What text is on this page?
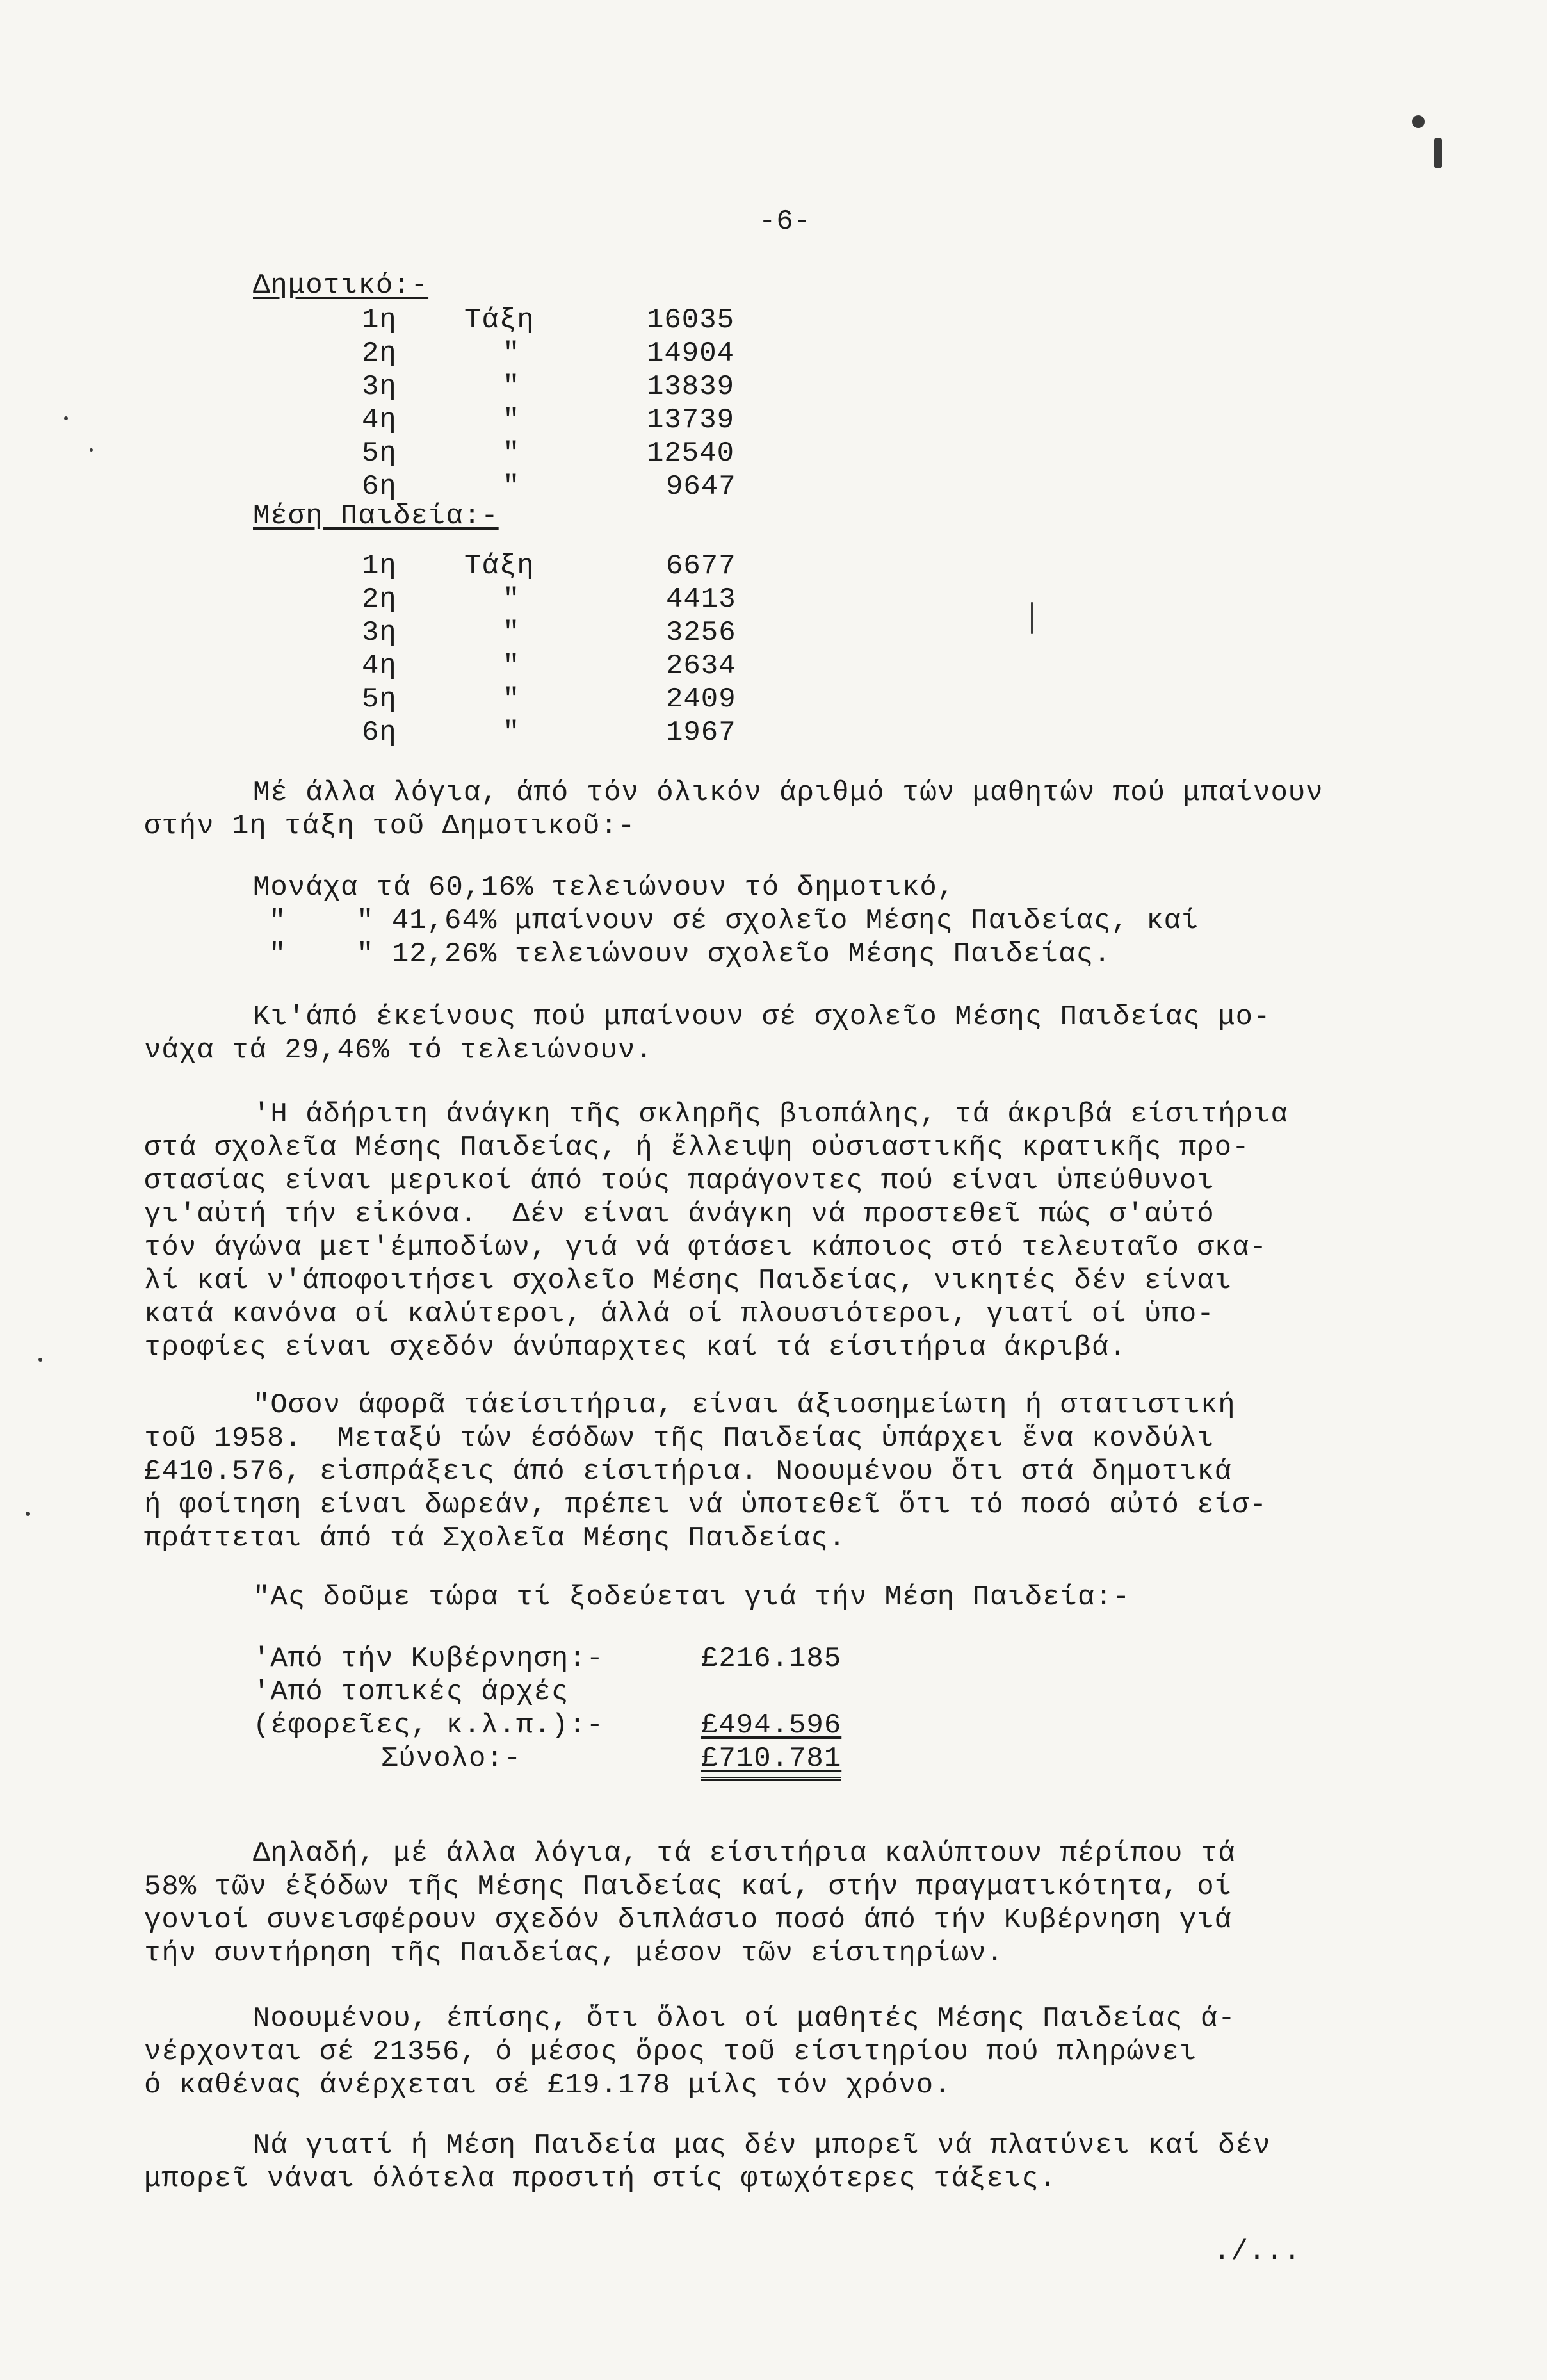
-6-
Δημοτικό:-
1η Τάξη	16035
2η	"	14904
3η	"	13839
4η	"	13739
5η	"	12540
6η	"	9647
Μέση Παιδεία:-
1η Τάξη	6677
2η	"	4413
3η	"	3256
4η	"	2634
5η	"	2409
6η	"	1967
Μέ άλλα λόγια, άπό τόν όλικόν άριθμό τών μαθητών πού μπαίνουν
στήν 1η τάξη τοῦ Δημοτικοῦ:-
Μονάχα τά 60,16% τελειώνουν τό δημοτικό,
"    " 41,64% μπαίνουν σέ σχολεῖο Μέσης Παιδείας, καί
"    " 12,26% τελειώνουν σχολεῖο Μέσης Παιδείας.
Κι'άπό έκείνους πού μπαίνουν σέ σχολεῖο Μέσης Παιδείας μο-
νάχα τά 29,46% τό τελειώνουν.
'Η άδήριτη άνάγκη τῆς σκληρῆς βιοπάλης, τά άκριβά είσιτήρια
στά σχολεῖα Μέσης Παιδείας, ή ἔλλειψη οὐσιαστικῆς κρατικῆς προ-
στασίας είναι μερικοί άπό τούς παράγοντες πού είναι ὑπεύθυνοι
γι'αὐτή τήν εἰκόνα.  Δέν είναι άνάγκη νά προστεθεῖ πώς σ'αὐτό
τόν άγώνα μετ'έμποδίων, γιά νά φτάσει κάποιος στό τελευταῖο σκα-
λί καί ν'άποφοιτήσει σχολεῖο Μέσης Παιδείας, νικητές δέν είναι
κατά κανόνα οί καλύτεροι, άλλά οί πλουσιότεροι, γιατί οί ὑπο-
τροφίες είναι σχεδόν άνύπαρχτες καί τά είσιτήρια άκριβά.
"Οσον άφορᾶ τάείσιτήρια, είναι άξιοσημείωτη ή στατιστική
τοῦ 1958.  Μεταξύ τών έσόδων τῆς Παιδείας ὑπάρχει ἕνα κονδύλι
£410.576, εἰσπράξεις άπό είσιτήρια. Νοουμένου ὅτι στά δημοτικά
ή φοίτηση είναι δωρεάν, πρέπει νά ὑποτεθεῖ ὅτι τό ποσό αὐτό είσ-
πράττεται άπό τά Σχολεῖα Μέσης Παιδείας.
"Ας δοῦμε τώρα τί ξοδεύεται γιά τήν Μέση Παιδεία:-
'Από τήν Κυβέρνηση:-	£216.185
'Από τοπικές άρχές
(έφορεῖες, κ.λ.π.):-	£494.596
Σύνολο:-	£710.781
Δηλαδή, μέ άλλα λόγια, τά είσιτήρια καλύπτουν πέρίπου τά
58% τῶν έξόδων τῆς Μέσης Παιδείας καί, στήν πραγματικότητα, οί
γονιοί συνεισφέρουν σχεδόν διπλάσιο ποσό άπό τήν Κυβέρνηση γιά
τήν συντήρηση τῆς Παιδείας, μέσον τῶν είσιτηρίων.
Νοουμένου, έπίσης, ὅτι ὅλοι οί μαθητές Μέσης Παιδείας ά-
νέρχονται σέ 21356, ό μέσος ὅρος τοῦ είσιτηρίου πού πληρώνει
ό καθένας άνέρχεται σέ £19.178 μίλς τόν χρόνο.
Νά γιατί ή Μέση Παιδεία μας δέν μπορεῖ νά πλατύνει καί δέν
μπορεῖ νάναι όλότελα προσιτή στίς φτωχότερες τάξεις.
./...
